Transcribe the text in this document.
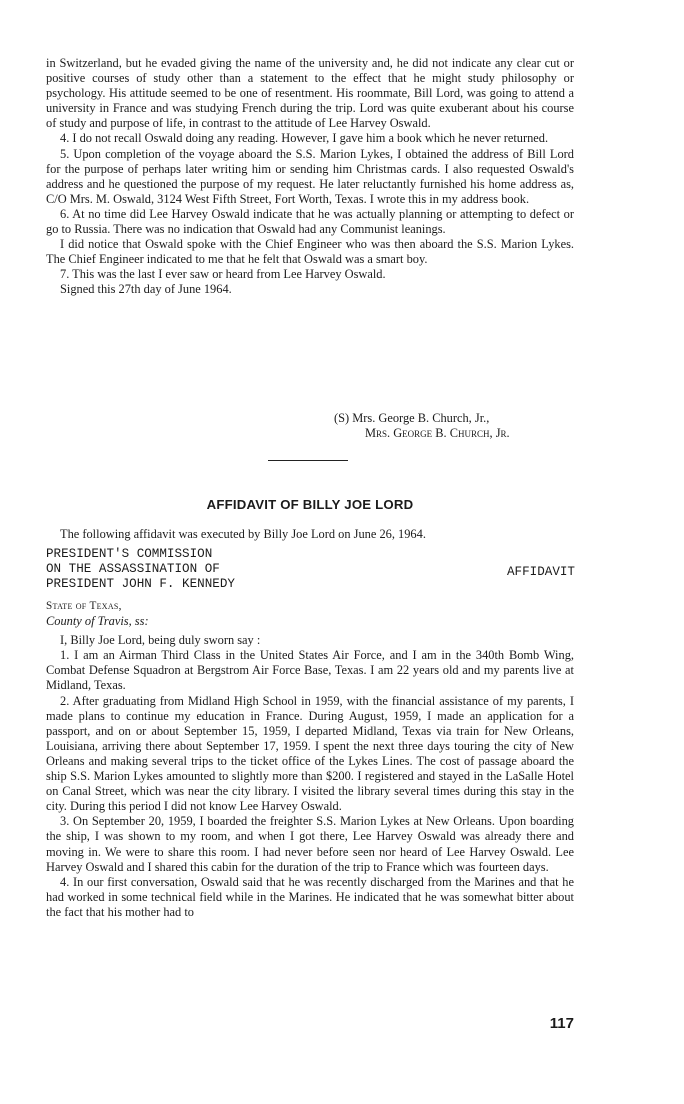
in Switzerland, but he evaded giving the name of the university and, he did not indicate any clear cut or positive courses of study other than a statement to the effect that he might study philosophy or psychology. His attitude seemed to be one of resentment. His roommate, Bill Lord, was going to attend a university in France and was studying French during the trip. Lord was quite exuberant about his course of study and purpose of life, in contrast to the attitude of Lee Harvey Oswald.

4. I do not recall Oswald doing any reading. However, I gave him a book which he never returned.

5. Upon completion of the voyage aboard the S.S. Marion Lykes, I obtained the address of Bill Lord for the purpose of perhaps later writing him or sending him Christmas cards. I also requested Oswald's address and he questioned the purpose of my request. He later reluctantly furnished his home address as, C/O Mrs. M. Oswald, 3124 West Fifth Street, Fort Worth, Texas. I wrote this in my address book.

6. At no time did Lee Harvey Oswald indicate that he was actually planning or attempting to defect or go to Russia. There was no indication that Oswald had any Communist leanings.

I did notice that Oswald spoke with the Chief Engineer who was then aboard the S.S. Marion Lykes. The Chief Engineer indicated to me that he felt that Oswald was a smart boy.

7. This was the last I ever saw or heard from Lee Harvey Oswald.

Signed this 27th day of June 1964.

(S) Mrs. George B. Church, Jr.,
Mrs. George B. Church, Jr.
AFFIDAVIT OF BILLY JOE LORD

The following affidavit was executed by Billy Joe Lord on June 26, 1964.

PRESIDENT'S COMMISSION
ON THE ASSASSINATION OF
PRESIDENT JOHN F. KENNEDY
AFFIDAVIT

State of Texas,

County of Travis, ss:

I, Billy Joe Lord, being duly sworn say :

1. I am an Airman Third Class in the United States Air Force, and I am in the 340th Bomb Wing, Combat Defense Squadron at Bergstrom Air Force Base, Texas. I am 22 years old and my parents live at Midland, Texas.

2. After graduating from Midland High School in 1959, with the financial assistance of my parents, I made plans to continue my education in France. During August, 1959, I made an application for a passport, and on or about September 15, 1959, I departed Midland, Texas via train for New Orleans, Louisiana, arriving there about September 17, 1959. I spent the next three days touring the city of New Orleans and making several trips to the ticket office of the Lykes Lines. The cost of passage aboard the ship S.S. Marion Lykes amounted to slightly more than $200. I registered and stayed in the LaSalle Hotel on Canal Street, which was near the city library. I visited the library several times during this stay in the city. During this period I did not know Lee Harvey Oswald.

3. On September 20, 1959, I boarded the freighter S.S. Marion Lykes at New Orleans. Upon boarding the ship, I was shown to my room, and when I got there, Lee Harvey Oswald was already there and moving in. We were to share this room. I had never before seen nor heard of Lee Harvey Oswald. Lee Harvey Oswald and I shared this cabin for the duration of the trip to France which was fourteen days.

4. In our first conversation, Oswald said that he was recently discharged from the Marines and that he had worked in some technical field while in the Marines. He indicated that he was somewhat bitter about the fact that his mother had to

117
